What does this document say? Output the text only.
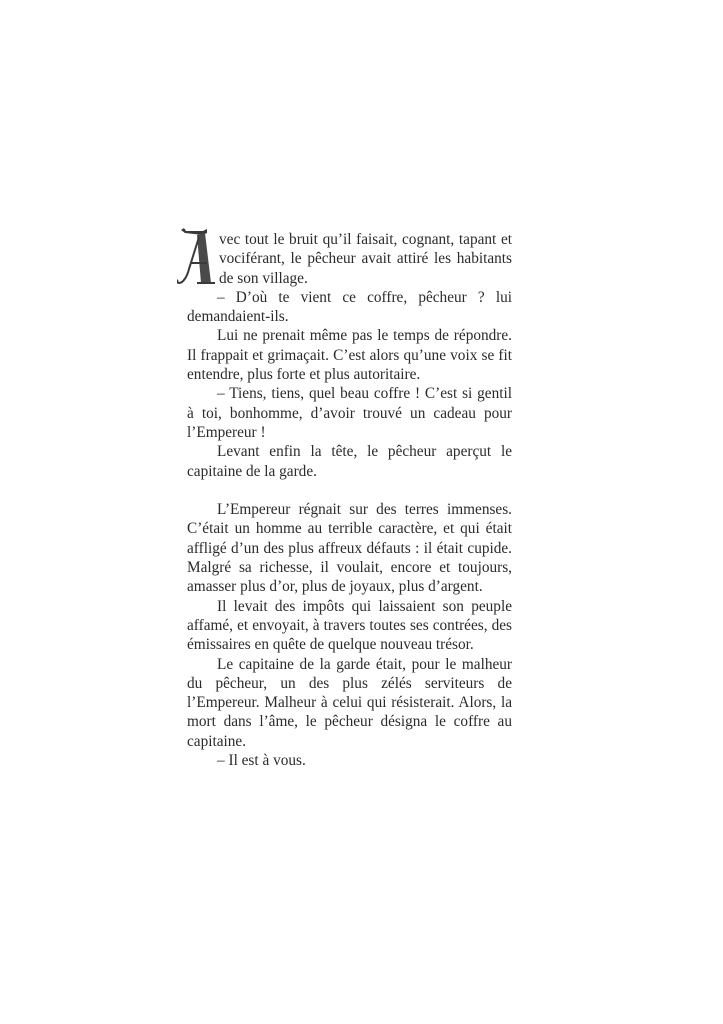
vec tout le bruit qu’il faisait, cognant, tapant et vociférant, le pêcheur avait attiré les habitants de son village.

– D’où te vient ce coffre, pêcheur ? lui demandaient-ils.

Lui ne prenait même pas le temps de répondre. Il frappait et grimaçait. C’est alors qu’une voix se fit entendre, plus forte et plus autoritaire.

– Tiens, tiens, quel beau coffre ! C’est si gentil à toi, bonhomme, d’avoir trouvé un cadeau pour l’Empereur !

Levant enfin la tête, le pêcheur aperçut le capitaine de la garde.

L’Empereur régnait sur des terres immenses. C’était un homme au terrible caractère, et qui était affligé d’un des plus affreux défauts : il était cupide. Malgré sa richesse, il voulait, encore et toujours, amasser plus d’or, plus de joyaux, plus d’argent.

Il levait des impôts qui laissaient son peuple affamé, et envoyait, à travers toutes ses contrées, des émissaires en quête de quelque nouveau trésor.

Le capitaine de la garde était, pour le malheur du pêcheur, un des plus zélés serviteurs de l’Empereur. Malheur à celui qui résisterait. Alors, la mort dans l’âme, le pêcheur désigna le coffre au capitaine.

– Il est à vous.
